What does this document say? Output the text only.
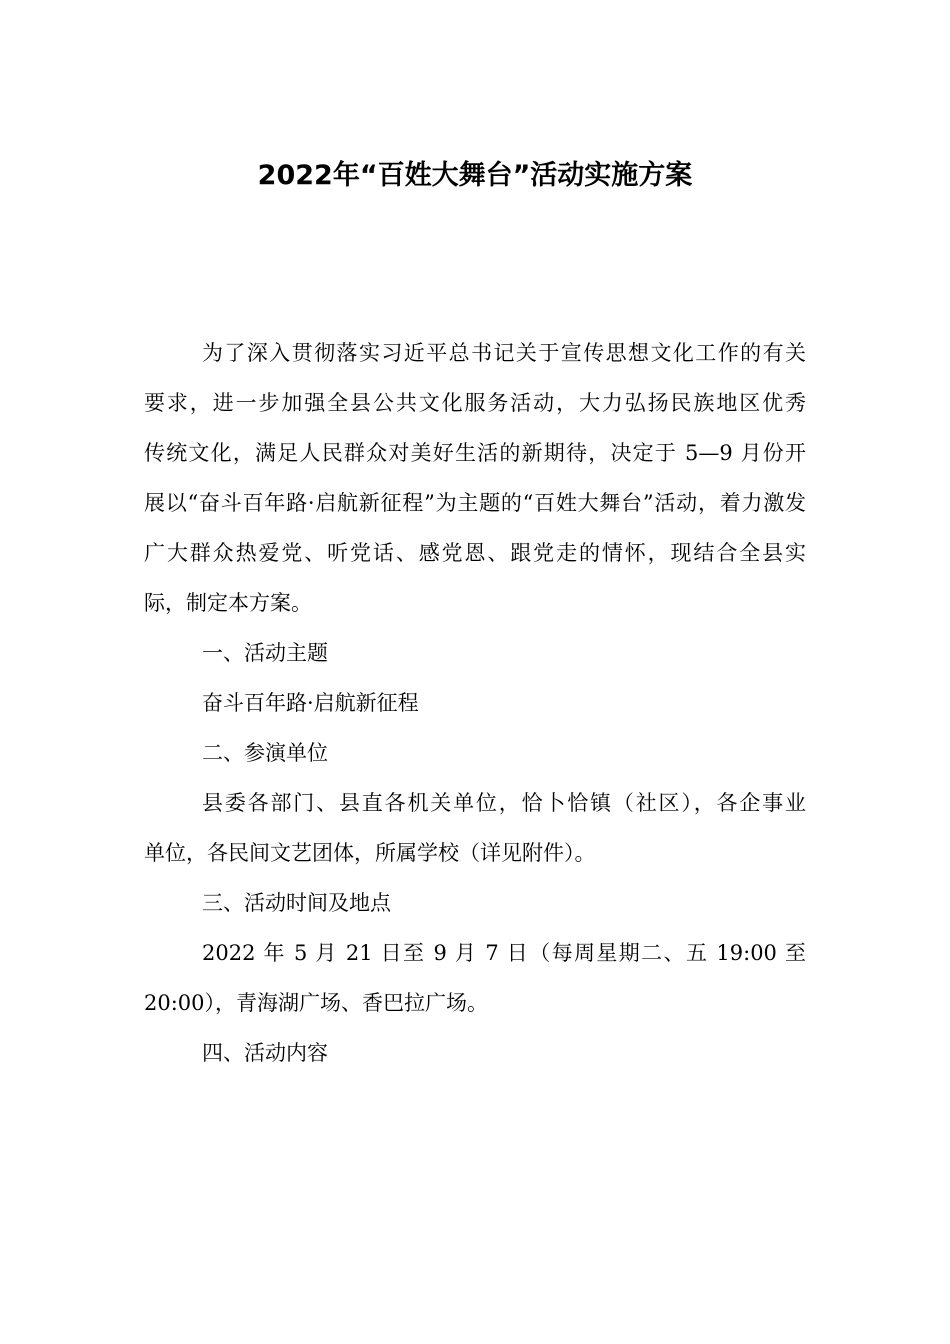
2022年“百姓大舞台”活动实施方案
为了深入贯彻落实习近平总书记关于宣传思想文化工作的有关
要求，进一步加强全县公共文化服务活动，大力弘扬民族地区优秀
传统文化，满足人民群众对美好生活的新期待，决定于 5—9 月份开
展以“奋斗百年路·启航新征程”为主题的“百姓大舞台”活动，着力激发
广大群众热爱党、听党话、感党恩、跟党走的情怀，现结合全县实
际，制定本方案。
一、活动主题
奋斗百年路·启航新征程
二、参演单位
县委各部门、县直各机关单位，恰卜恰镇（社区），各企事业
单位，各民间文艺团体，所属学校（详见附件）。
三、活动时间及地点
2022 年 5 月 21 日至 9 月 7 日（每周星期二、五 19:00 至
20:00），青海湖广场、香巴拉广场。
四、活动内容
